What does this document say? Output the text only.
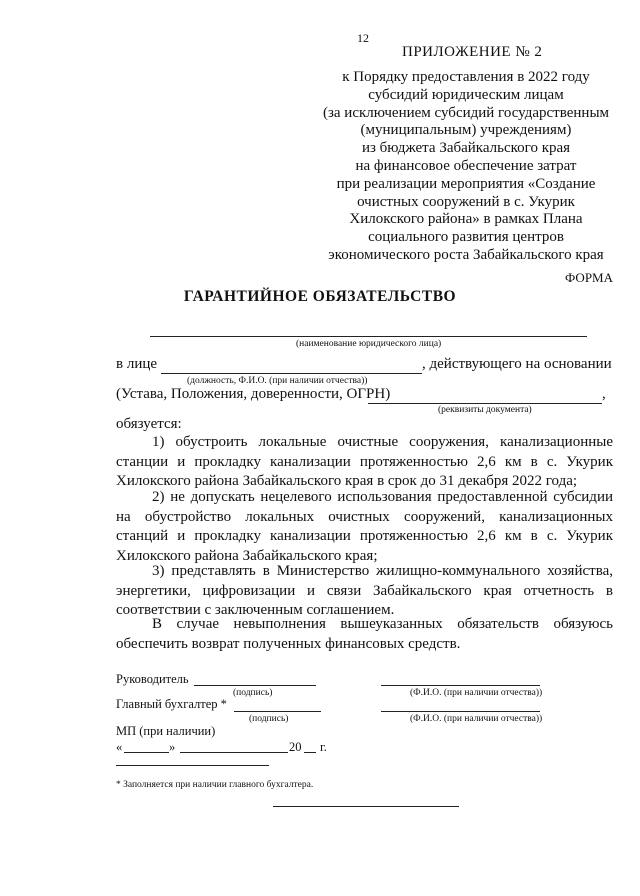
12
ПРИЛОЖЕНИЕ № 2
к Порядку предоставления в 2022 году
субсидий юридическим лицам
(за исключением субсидий государственным
(муниципальным) учреждениям)
из бюджета Забайкальского края
на финансовое обеспечение затрат
при реализации мероприятия «Создание
очистных сооружений в с. Укурик
Хилокского района» в рамках Плана
социального развития центров
экономического роста Забайкальского края
ФОРМА
ГАРАНТИЙНОЕ ОБЯЗАТЕЛЬСТВО
(наименование юридического лица)
в лице	, действующего на основании
(должность, Ф.И.О. (при наличии отчества))
(Устава, Положения, доверенности, ОГРН)	,
(реквизиты документа)
обязуется:
1) обустроить локальные очистные сооружения, канализационные
станции и прокладку канализации протяженностью 2,6 км в с. Укурик
Хилокского района Забайкальского края в срок до 31 декабря 2022 года;
2) не допускать нецелевого использования предоставленной субсидии
на обустройство локальных очистных сооружений, канализационных
станций и прокладку канализации протяженностью 2,6 км в с. Укурик
Хилокского района Забайкальского края;
3) представлять в Министерство жилищно-коммунального хозяйства,
энергетики, цифровизации и связи Забайкальского края отчетность в
соответствии с заключенным соглашением.
В случае невыполнения вышеуказанных обязательств обязуюсь
обеспечить возврат полученных финансовых средств.
Руководитель
(подпись)	(Ф.И.О. (при наличии отчества))
Главный бухгалтер *
(подпись)	(Ф.И.О. (при наличии отчества))
МП (при наличии)
«	»	20 г.
* Заполняется при наличии главного бухгалтера.
